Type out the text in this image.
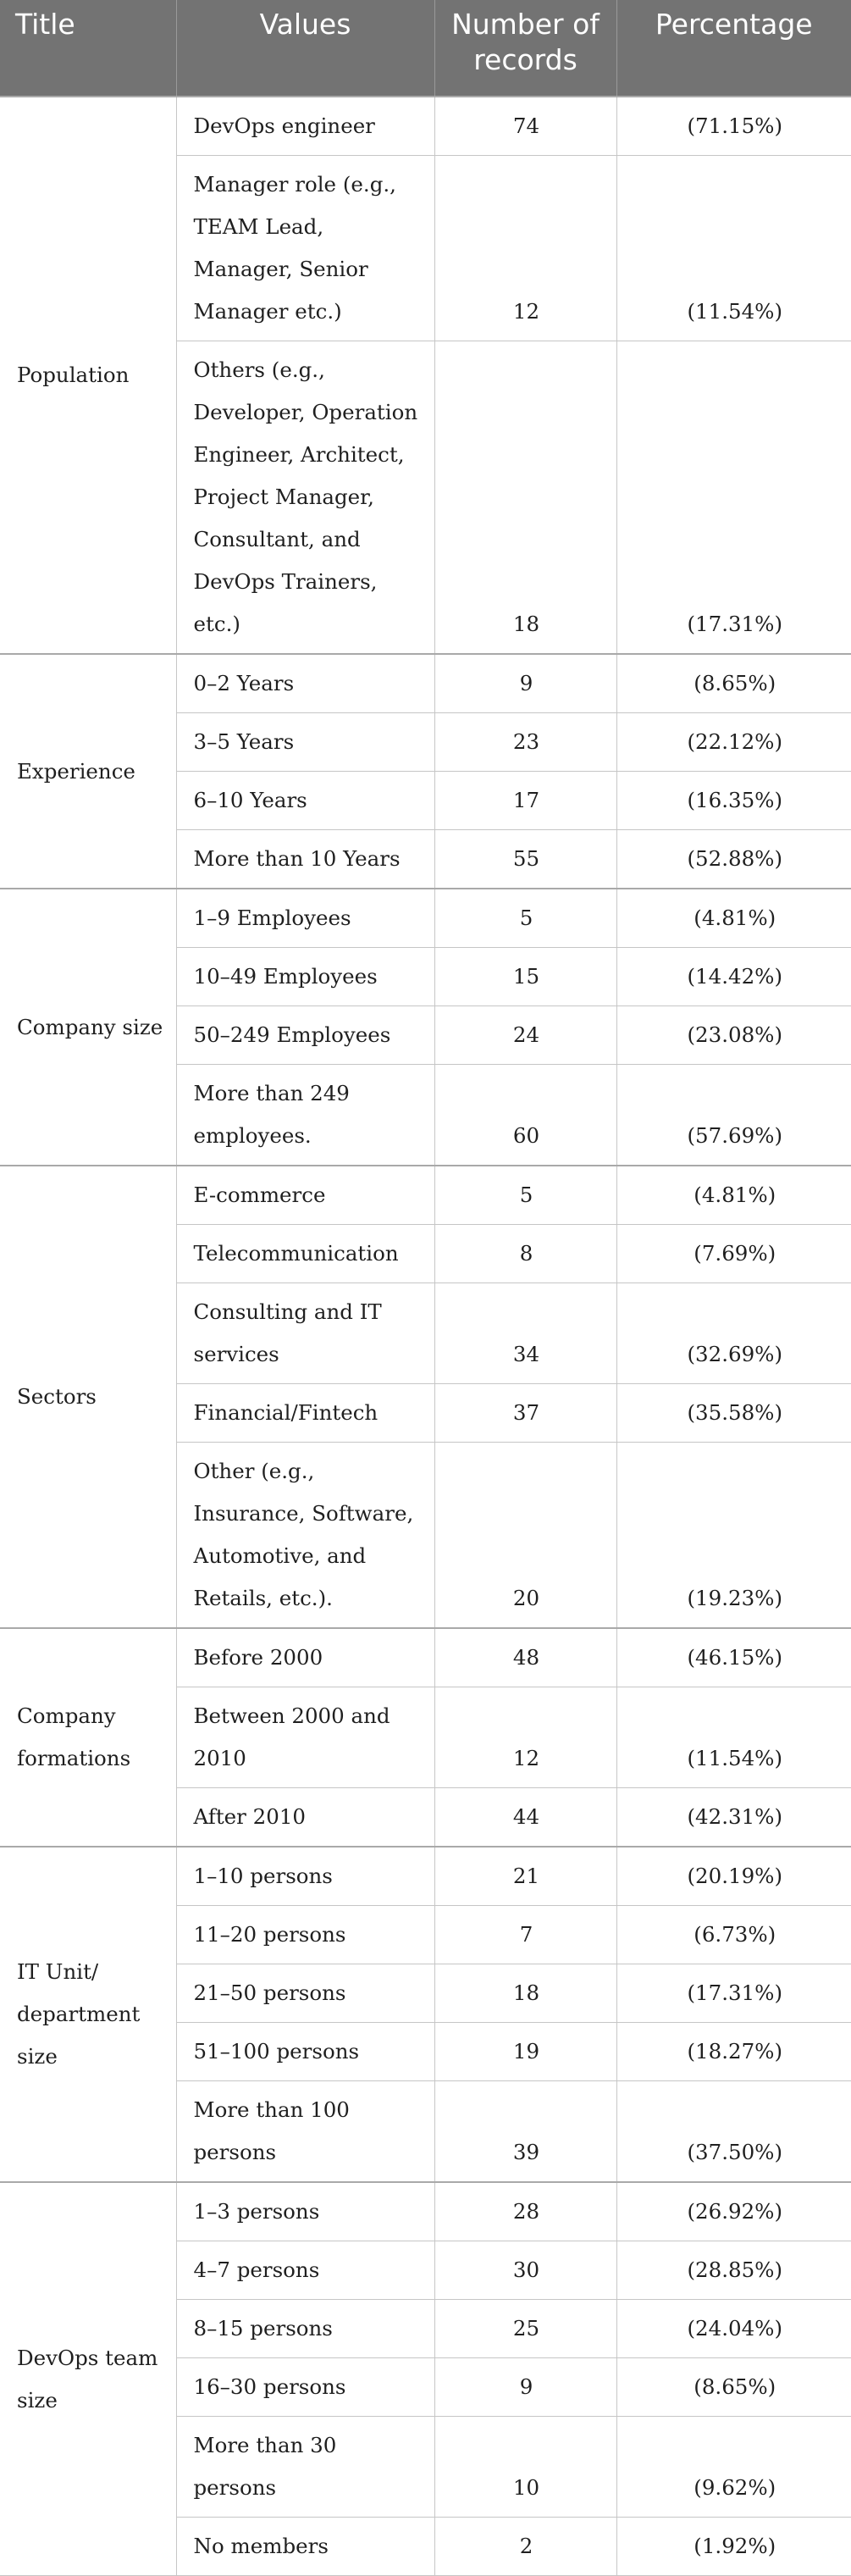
Title	Values	Number of records	Percentage
Population	DevOps engineer	74	(71.15%)
	Manager role (e.g., TEAM Lead, Manager, Senior Manager etc.)	12	(11.54%)
	Others (e.g., Developer, Operation Engineer, Architect, Project Manager, Consultant, and DevOps Trainers, etc.)	18	(17.31%)
Experience	0–2 Years	9	(8.65%)
	3–5 Years	23	(22.12%)
	6–10 Years	17	(16.35%)
	More than 10 Years	55	(52.88%)
Company size	1–9 Employees	5	(4.81%)
	10–49 Employees	15	(14.42%)
	50–249 Employees	24	(23.08%)
	More than 249 employees.	60	(57.69%)
Sectors	E-commerce	5	(4.81%)
	Telecommunication	8	(7.69%)
	Consulting and IT services	34	(32.69%)
	Financial/Fintech	37	(35.58%)
	Other (e.g., Insurance, Software, Automotive, and Retails, etc.).	20	(19.23%)
Company formations	Before 2000	48	(46.15%)
	Between 2000 and 2010	12	(11.54%)
	After 2010	44	(42.31%)
IT Unit/ department size	1–10 persons	21	(20.19%)
	11–20 persons	7	(6.73%)
	21–50 persons	18	(17.31%)
	51–100 persons	19	(18.27%)
	More than 100 persons	39	(37.50%)
DevOps team size	1–3 persons	28	(26.92%)
	4–7 persons	30	(28.85%)
	8–15 persons	25	(24.04%)
	16–30 persons	9	(8.65%)
	More than 30 persons	10	(9.62%)
	No members	2	(1.92%)
